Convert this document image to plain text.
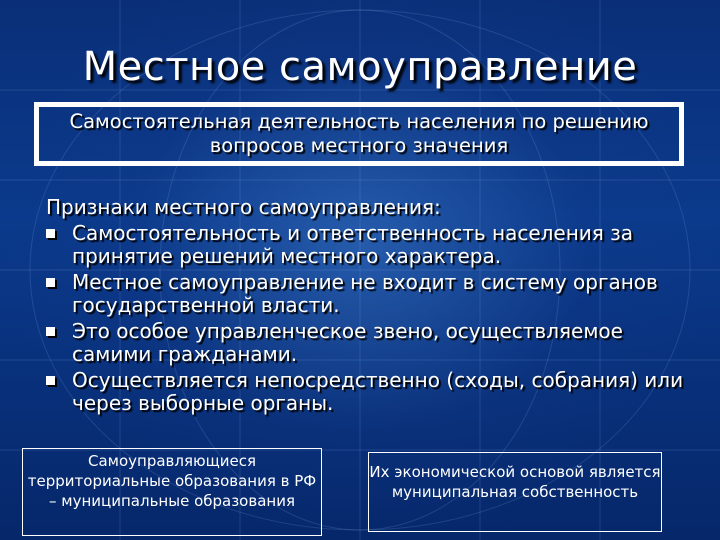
Местное самоуправление
Самостоятельная деятельность населения по решению вопросов местного значения
Признаки местного самоуправления:
Самостоятельность и ответственность населения за принятие решений местного характера.
Местное самоуправление не входит в систему органов государственной власти.
Это особое управленческое звено, осуществляемое самими гражданами.
Осуществляется непосредственно (сходы, собрания) или через выборные органы.
Самоуправляющиеся территориальные образования в РФ – муниципальные образования
Их экономической основой является муниципальная собственность
